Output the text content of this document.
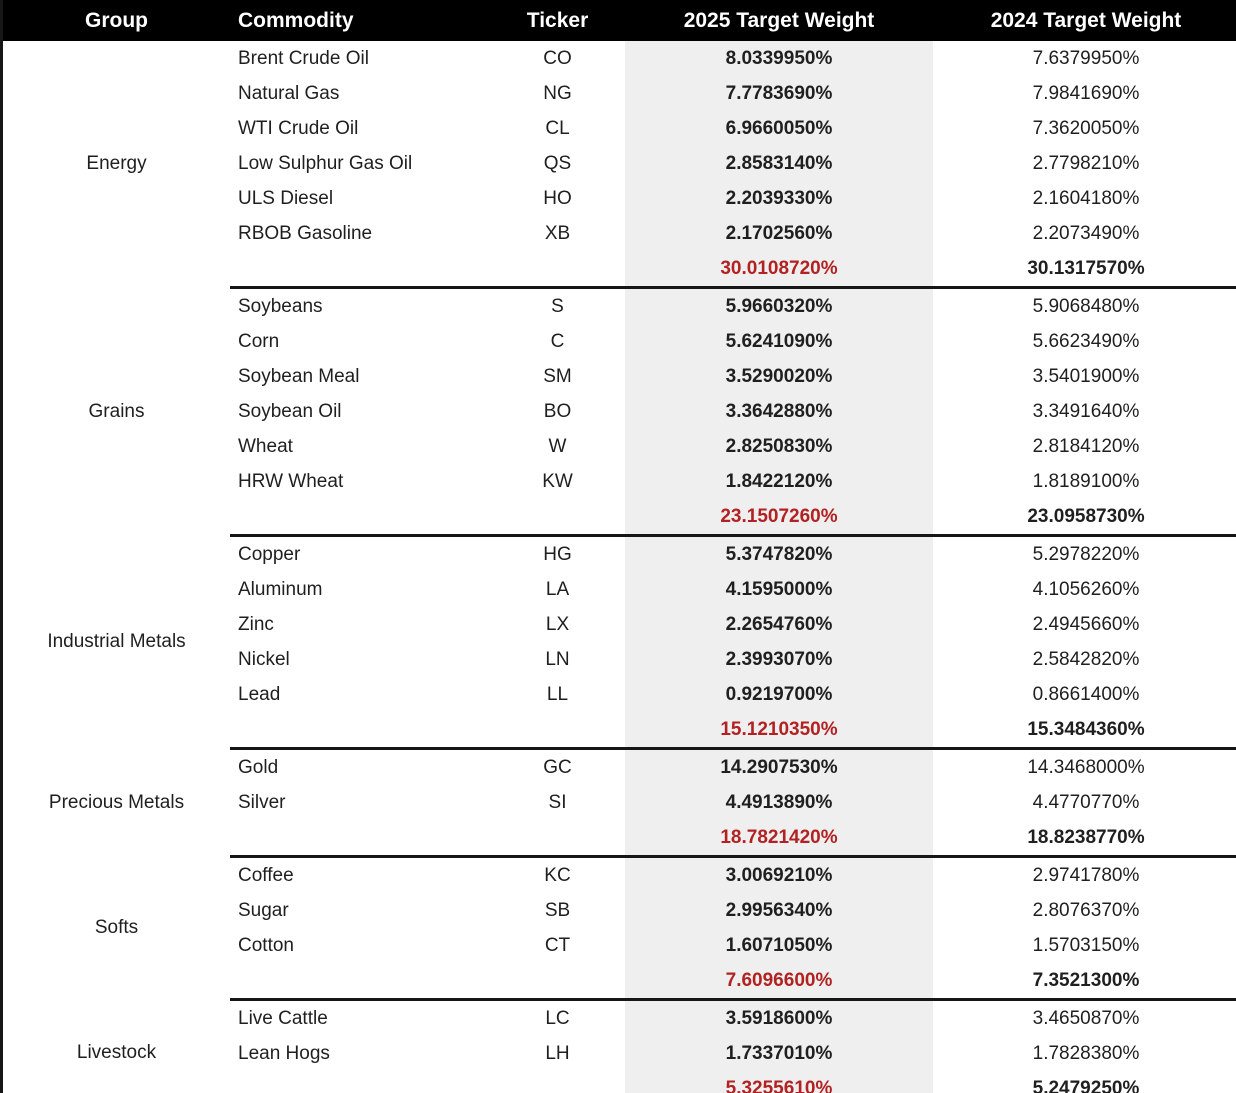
Group	Commodity	Ticker	2025 Target Weight	2024 Target Weight
Energy	Brent Crude Oil	CO	8.0339950%	7.6379950%
	Natural Gas	NG	7.7783690%	7.9841690%
	WTI Crude Oil	CL	6.9660050%	7.3620050%
	Low Sulphur Gas Oil	QS	2.8583140%	2.7798210%
	ULS Diesel	HO	2.2039330%	2.1604180%
	RBOB Gasoline	XB	2.1702560%	2.2073490%
			30.0108720%	30.1317570%
Grains	Soybeans	S	5.9660320%	5.9068480%
	Corn	C	5.6241090%	5.6623490%
	Soybean Meal	SM	3.5290020%	3.5401900%
	Soybean Oil	BO	3.3642880%	3.3491640%
	Wheat	W	2.8250830%	2.8184120%
	HRW Wheat	KW	1.8422120%	1.8189100%
			23.1507260%	23.0958730%
Industrial Metals	Copper	HG	5.3747820%	5.2978220%
	Aluminum	LA	4.1595000%	4.1056260%
	Zinc	LX	2.2654760%	2.4945660%
	Nickel	LN	2.3993070%	2.5842820%
	Lead	LL	0.9219700%	0.8661400%
			15.1210350%	15.3484360%
Precious Metals	Gold	GC	14.2907530%	14.3468000%
	Silver	SI	4.4913890%	4.4770770%
			18.7821420%	18.8238770%
Softs	Coffee	KC	3.0069210%	2.9741780%
	Sugar	SB	2.9956340%	2.8076370%
	Cotton	CT	1.6071050%	1.5703150%
			7.6096600%	7.3521300%
Livestock	Live Cattle	LC	3.5918600%	3.4650870%
	Lean Hogs	LH	1.7337010%	1.7828380%
			5.3255610%	5.2479250%
